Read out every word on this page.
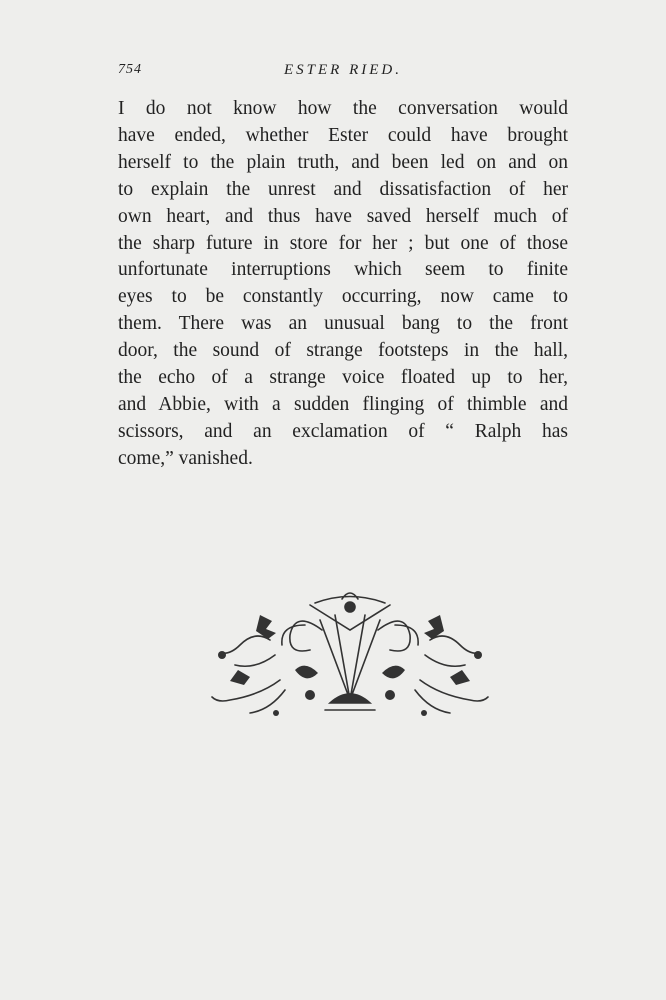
754	ESTER RIED.

I do not know how the conversation would
have ended, whether Ester could have brought
herself to the plain truth, and been led on and on
to explain the unrest and dissatisfaction of her
own heart, and thus have saved herself much of
the sharp future in store for her ; but one of those
unfortunate interruptions which seem to finite
eyes to be constantly occurring, now came to
them. There was an unusual bang to the front
door, the sound of strange footsteps in the hall,
the echo of a strange voice floated up to her,
and Abbie, with a sudden flinging of thimble and
scissors, and an exclamation of “ Ralph has
come,” vanished.
